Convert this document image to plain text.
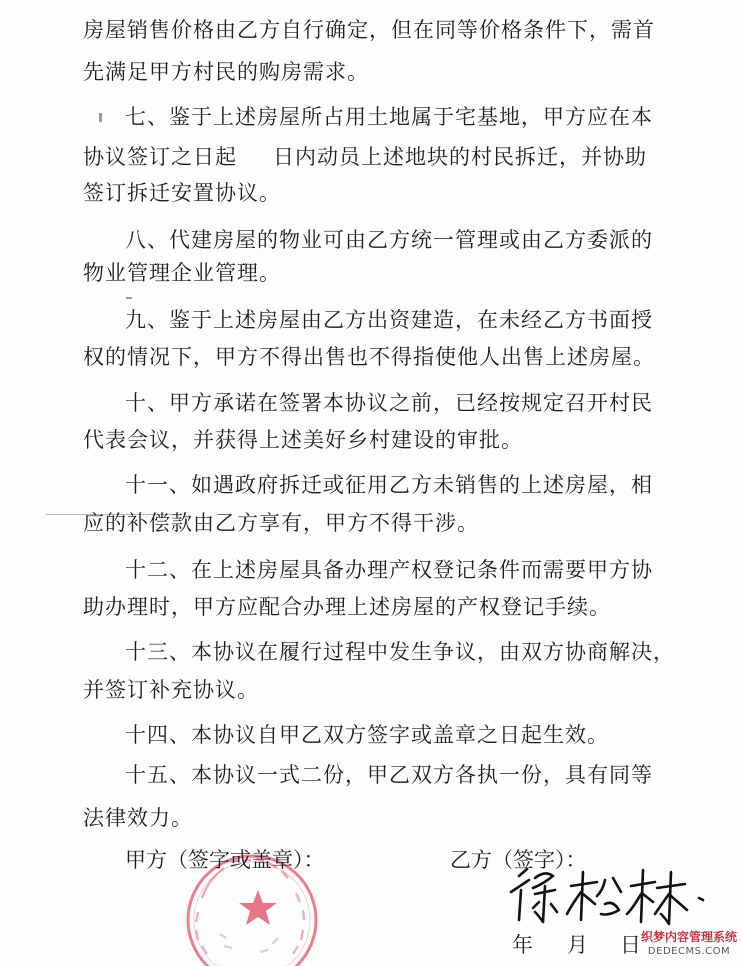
房屋销售价格由乙方自行确定，但在同等价格条件下，需首
先满足甲方村民的购房需求。
七、鉴于上述房屋所占用土地属于宅基地，甲方应在本
协议签订之日起 日内动员上述地块的村民拆迁，并协助
签订拆迁安置协议。
八、代建房屋的物业可由乙方统一管理或由乙方委派的
物业管理企业管理。
九、鉴于上述房屋由乙方出资建造，在未经乙方书面授
权的情况下，甲方不得出售也不得指使他人出售上述房屋。
十、甲方承诺在签署本协议之前，已经按规定召开村民
代表会议，并获得上述美好乡村建设的审批。
十一、如遇政府拆迁或征用乙方未销售的上述房屋，相
应的补偿款由乙方享有，甲方不得干涉。
十二、在上述房屋具备办理产权登记条件而需要甲方协
助办理时，甲方应配合办理上述房屋的产权登记手续。
十三、本协议在履行过程中发生争议，由双方协商解决，
并签订补充协议。
十四、本协议自甲乙双方签字或盖章之日起生效。
十五、本协议一式二份，甲乙双方各执一份，具有同等
法律效力。
甲方（签字或盖章）：	乙方（签字）：
年 月 日 织梦内容管理系统
DEDECMS.COM
